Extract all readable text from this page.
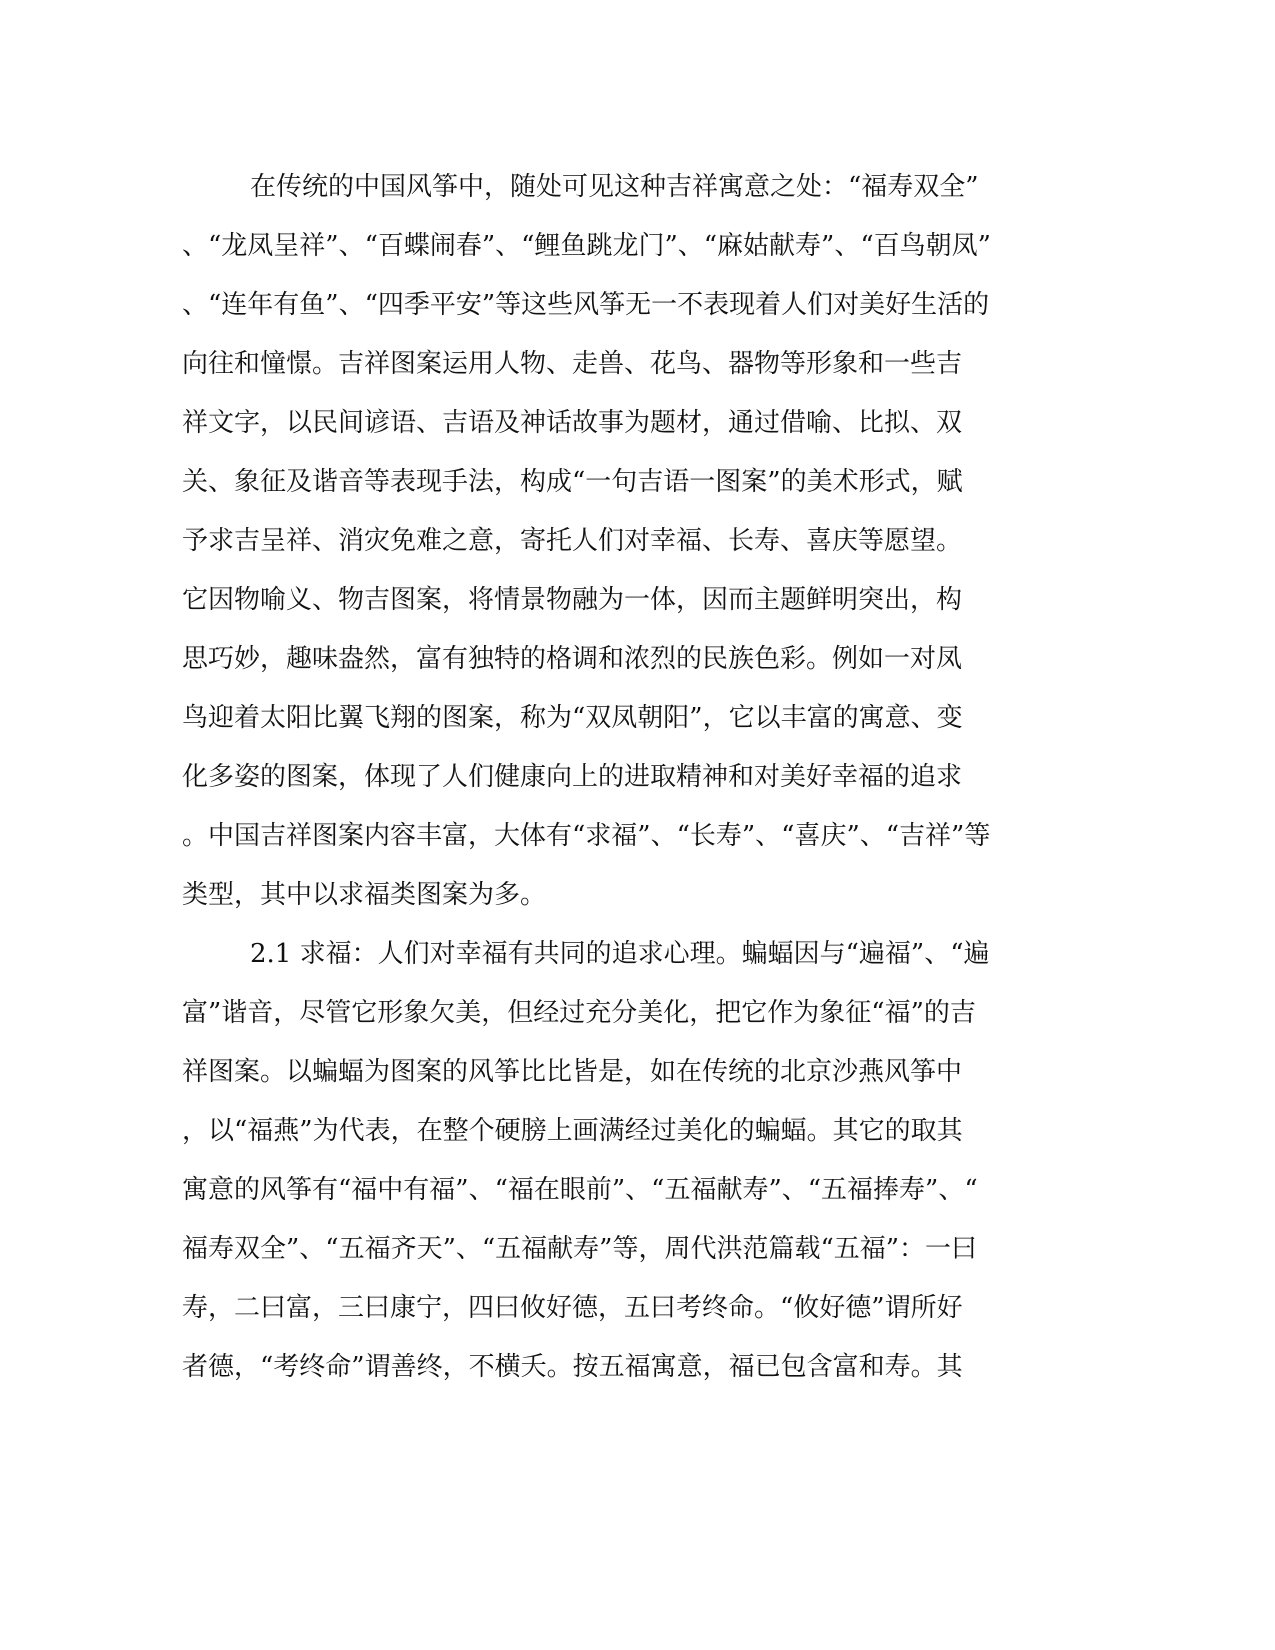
在传统的中国风筝中，随处可见这种吉祥寓意之处：“福寿双全”
、“龙凤呈祥”、“百蝶闹春”、“鲤鱼跳龙门”、“麻姑献寿”、“百鸟朝凤”
、“连年有鱼”、“四季平安”等这些风筝无一不表现着人们对美好生活的
向往和憧憬。吉祥图案运用人物、走兽、花鸟、器物等形象和一些吉
祥文字，以民间谚语、吉语及神话故事为题材，通过借喻、比拟、双
关、象征及谐音等表现手法，构成“一句吉语一图案”的美术形式，赋
予求吉呈祥、消灾免难之意，寄托人们对幸福、长寿、喜庆等愿望。
它因物喻义、物吉图案，将情景物融为一体，因而主题鲜明突出，构
思巧妙，趣味盎然，富有独特的格调和浓烈的民族色彩。例如一对凤
鸟迎着太阳比翼飞翔的图案，称为“双凤朝阳”，它以丰富的寓意、变
化多姿的图案，体现了人们健康向上的进取精神和对美好幸福的追求
。中国吉祥图案内容丰富，大体有“求福”、“长寿”、“喜庆”、“吉祥”等
类型，其中以求福类图案为多。
2.1 求福：人们对幸福有共同的追求心理。蝙蝠因与“遍福”、“遍
富”谐音，尽管它形象欠美，但经过充分美化，把它作为象征“福”的吉
祥图案。以蝙蝠为图案的风筝比比皆是，如在传统的北京沙燕风筝中
，以“福燕”为代表，在整个硬膀上画满经过美化的蝙蝠。其它的取其
寓意的风筝有“福中有福”、“福在眼前”、“五福献寿”、“五福捧寿”、“
福寿双全”、“五福齐天”、“五福献寿”等，周代洪范篇载“五福”：一曰
寿，二曰富，三曰康宁，四曰攸好德，五曰考终命。“攸好德”谓所好
者德，“考终命”谓善终，不横夭。按五福寓意，福已包含富和寿。其
